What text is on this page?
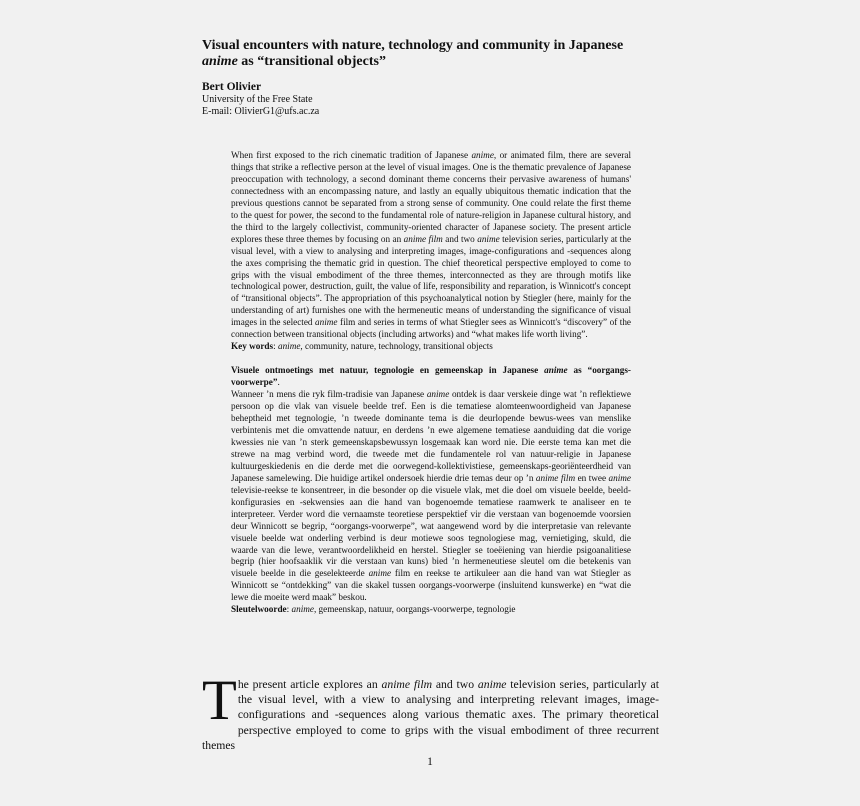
Visual encounters with nature, technology and community in Japanese
anime as “transitional objects”
Bert Olivier
University of the Free State
E-mail: OlivierG1@ufs.ac.za

When first exposed to the rich cinematic tradition of Japanese anime, or animated film, there are several things that strike a reflective person at the level of visual images. One is the thematic prevalence of Japanese preoccupation with technology, a second dominant theme concerns their pervasive awareness of humans' connectedness with an encompassing nature, and lastly an equally ubiquitous thematic indication that the previous questions cannot be separated from a strong sense of community. One could relate the first theme to the quest for power, the second to the fundamental role of nature-religion in Japanese cultural history, and the third to the largely collectivist, community-oriented character of Japanese society. The present article explores these three themes by focusing on an anime film and two anime television series, particularly at the visual level, with a view to analysing and interpreting images, image-configurations and -sequences along the axes comprising the thematic grid in question. The chief theoretical perspective employed to come to grips with the visual embodiment of the three themes, interconnected as they are through motifs like technological power, destruction, guilt, the value of life, responsibility and reparation, is Winnicott's concept of “transitional objects”. The appropriation of this psychoanalytical notion by Stiegler (here, mainly for the understanding of art) furnishes one with the hermeneutic means of understanding the significance of visual images in the selected anime film and series in terms of what Stiegler sees as Winnicott's “discovery” of the connection between transitional objects (including artworks) and “what makes life worth living”.

Key words: anime, community, nature, technology, transitional objects

Visuele ontmoetings met natuur, tegnologie en gemeenskap in Japanese anime as “oorgangs-voorwerpe”.

Wanneer ’n mens die ryk film-tradisie van Japanese anime ontdek is daar verskeie dinge wat ’n reflektiewe persoon op die vlak van visuele beelde tref. Een is die tematiese alomteenwoordigheid van Japanese beheptheid met tegnologie, ’n tweede dominante tema is die deurlopende bewus-wees van menslike verbintenis met die omvattende natuur, en derdens ’n ewe algemene tematiese aanduiding dat die vorige kwessies nie van ’n sterk gemeenskapsbewussyn losgemaak kan word nie. Die eerste tema kan met die strewe na mag verbind word, die tweede met die fundamentele rol van natuur-religie in Japanese kultuurgeskiedenis en die derde met die oorwegend-kollektivistiese, gemeenskaps-georiënteerdheid van Japanese samelewing. Die huidige artikel ondersoek hierdie drie temas deur op ’n anime film en twee anime televisie-reekse te konsentreer, in die besonder op die visuele vlak, met die doel om visuele beelde, beeld-konfigurasies en -sekwensies aan die hand van bogenoemde tematiese raamwerk te analiseer en te interpreteer. Verder word die vernaamste teoretiese perspektief vir die verstaan van bogenoemde voorsien deur Winnicott se begrip, “oorgangs-voorwerpe”, wat aangewend word by die interpretasie van relevante visuele beelde wat onderling verbind is deur motiewe soos tegnologiese mag, vernietiging, skuld, die waarde van die lewe, verantwoordelikheid en herstel. Stiegler se toeëiening van hierdie psigoanalitiese begrip (hier hoofsaaklik vir die verstaan van kuns) bied ’n hermeneutiese sleutel om die betekenis van visuele beelde in die geselekteerde anime film en reekse te artikuleer aan die hand van wat Stiegler as Winnicott se “ontdekking” van die skakel tussen oorgangs-voorwerpe (insluitend kunswerke) en “wat die lewe die moeite werd maak” beskou.

Sleutelwoorde: anime, gemeenskap, natuur, oorgangs-voorwerpe, tegnologie

The present article explores an anime film and two anime television series, particularly at the visual level, with a view to analysing and interpreting relevant images, image-configurations and -sequences along various thematic axes. The primary theoretical perspective employed to come to grips with the visual embodiment of three recurrent themes

1
